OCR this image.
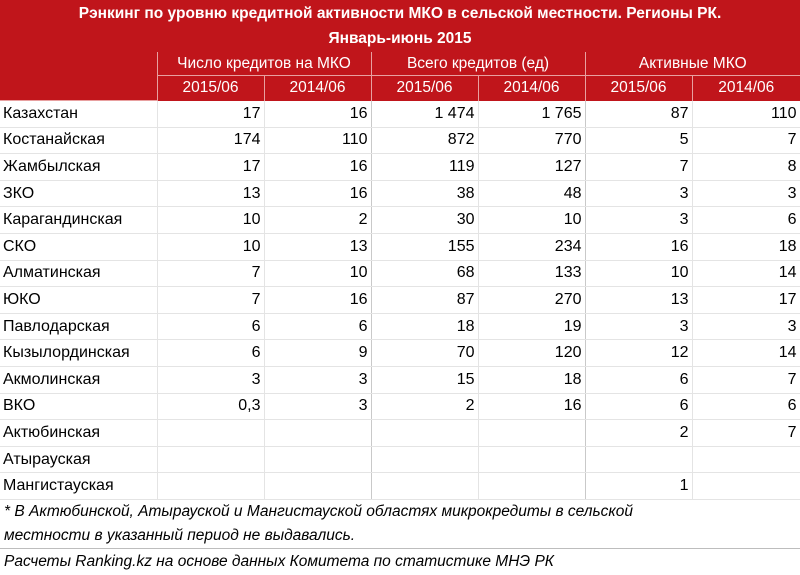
Рэнкинг по уровню кредитной активности МКО в сельской местности. Регионы РК.						
Январь-июнь 2015						
	Число кредитов на МКО		Всего кредитов (ед)		Активные МКО	
	2015/06	2014/06	2015/06	2014/06	2015/06	2014/06
Казахстан	17	16	1 474	1 765	87	110
Костанайская	174	110	872	770	5	7
Жамбылская	17	16	119	127	7	8
ЗКО	13	16	38	48	3	3
Карагандинская	10	2	30	10	3	6
СКО	10	13	155	234	16	18
Алматинская	7	10	68	133	10	14
ЮКО	7	16	87	270	13	17
Павлодарская	6	6	18	19	3	3
Кызылординская	6	9	70	120	12	14
Акмолинская	3	3	15	18	6	7
ВКО	0,3	3	2	16	6	6
Актюбинская					2	7
Атырауская						
Мангистауская					1	
* В Актюбинской, Атырауской и Мангистауской областях микрокредиты в сельской						
местности в указанный период не выдавались.						
Расчеты Ranking.kz на основе данных Комитета по статистике МНЭ РК						
